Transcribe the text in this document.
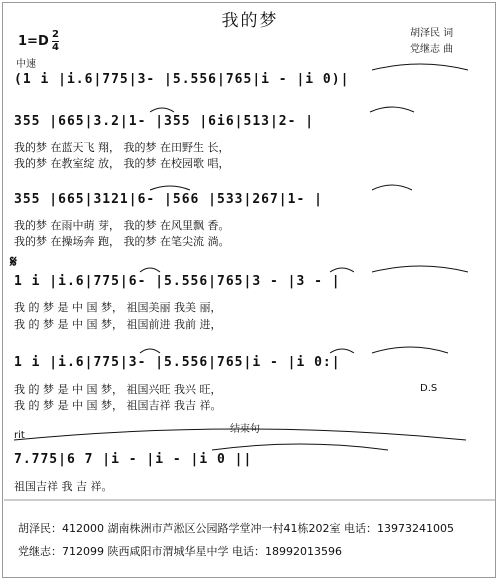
我的梦
胡泽民 词
党继志 曲
1=D 2
4
中速
(1 i |i.6|775|3- |5.556|765|i - |i 0)|
355 |665|3.2|1- |355 |6i6|513|2- |
我的梦 在蓝天飞 翔， 我的梦 在田野生 长，
我的梦 在教室绽 放， 我的梦 在校园歌 唱，
355 |665|3121|6- |566 |533|267|1- |
我的梦 在雨中萌 芽， 我的梦 在风里飘 香。
我的梦 在操场奔 跑， 我的梦 在笔尖流 淌。
𝄋
1 i |i.6|775|6- |5.556|765|3 - |3 - |
我 的 梦 是 中 国 梦， 祖国美丽 我美 丽，
我 的 梦 是 中 国 梦， 祖国前进 我前 进，
1 i |i.6|775|3- |5.556|765|i - |i 0:|
我 的 梦 是 中 国 梦， 祖国兴旺 我兴 旺，
我 的 梦 是 中 国 梦， 祖国吉祥 我吉 祥。
D.S
rit
结束句
7.775|6 7 |i - |i - |i 0 ||
祖国吉祥 我 吉 祥。
胡泽民：412000 湖南株洲市芦淞区公园路学堂冲一村41栋202室 电话：13973241005
党继志：712099 陕西咸阳市渭城华星中学 电话：18992013596
